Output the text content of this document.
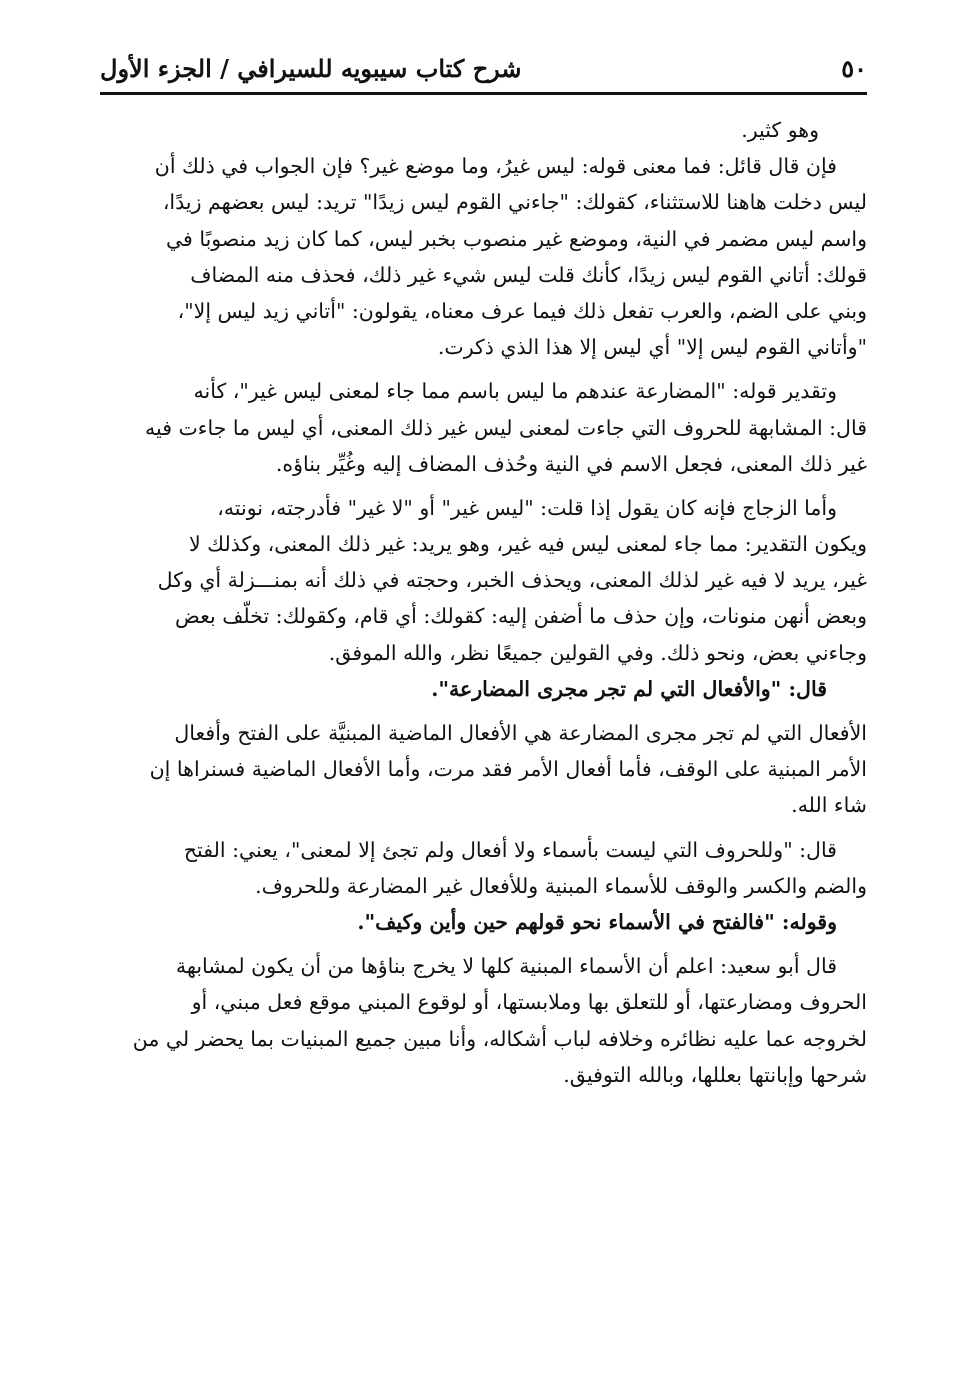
٥٠
شرح كتاب سيبويه للسيرافي / الجزء الأول
وهو كثير.
فإن قال قائل: فما معنى قوله: ليس غيرُ، وما موضع غير؟ فإن الجواب في ذلك أن
ليس دخلت هاهنا للاستثناء، كقولك: "جاءني القوم ليس زيدًا" تريد: ليس بعضهم زيدًا،
واسم ليس مضمر في النية، وموضع غير منصوب بخبر ليس، كما كان زيد منصوبًا في
قولك: أتاني القوم ليس زيدًا، كأنك قلت ليس شيء غير ذلك، فحذف منه المضاف
وبني على الضم، والعرب تفعل ذلك فيما عرف معناه، يقولون: "أتاني زيد ليس إلا"،
"وأتاني القوم ليس إلا" أي ليس إلا هذا الذي ذكرت.
وتقدير قوله: "المضارعة عندهم ما ليس باسم مما جاء لمعنى ليس غير"، كأنه
قال: المشابهة للحروف التي جاءت لمعنى ليس غير ذلك المعنى، أي ليس ما جاءت فيه
غير ذلك المعنى، فجعل الاسم في النية وحُذف المضاف إليه وغُيِّر بناؤه.
وأما الزجاج فإنه كان يقول إذا قلت: "ليس غير" أو "لا غير" فأدرجته، نونته،
ويكون التقدير: مما جاء لمعنى ليس فيه غير، وهو يريد: غير ذلك المعنى، وكذلك لا
غير، يريد لا فيه غير لذلك المعنى، ويحذف الخبر، وحجته في ذلك أنه بمنـــزلة أي وكل
وبعض أنهن منونات، وإن حذف ما أضفن إليه: كقولك: أي قام، وكقولك: تخلّف بعض
وجاءني بعض، ونحو ذلك. وفي القولين جميعًا نظر، والله الموفق.
قال: "والأفعال التي لم تجر مجرى المضارعة".
الأفعال التي لم تجر مجرى المضارعة هي الأفعال الماضية المبنيَّة على الفتح وأفعال
الأمر المبنية على الوقف، فأما أفعال الأمر فقد مرت، وأما الأفعال الماضية فسنراها إن
شاء الله.
قال: "وللحروف التي ليست بأسماء ولا أفعال ولم تجئ إلا لمعنى"، يعني: الفتح
والضم والكسر والوقف للأسماء المبنية وللأفعال غير المضارعة وللحروف.
وقوله: "فالفتح في الأسماء نحو قولهم حين وأين وكيف".
قال أبو سعيد: اعلم أن الأسماء المبنية كلها لا يخرج بناؤها من أن يكون لمشابهة
الحروف ومضارعتها، أو للتعلق بها وملابستها، أو لوقوع المبني موقع فعل مبني، أو
لخروجه عما عليه نظائره وخلافه لباب أشكاله، وأنا مبين جميع المبنيات بما يحضر لي من
شرحها وإبانتها بعللها، وبالله التوفيق.
